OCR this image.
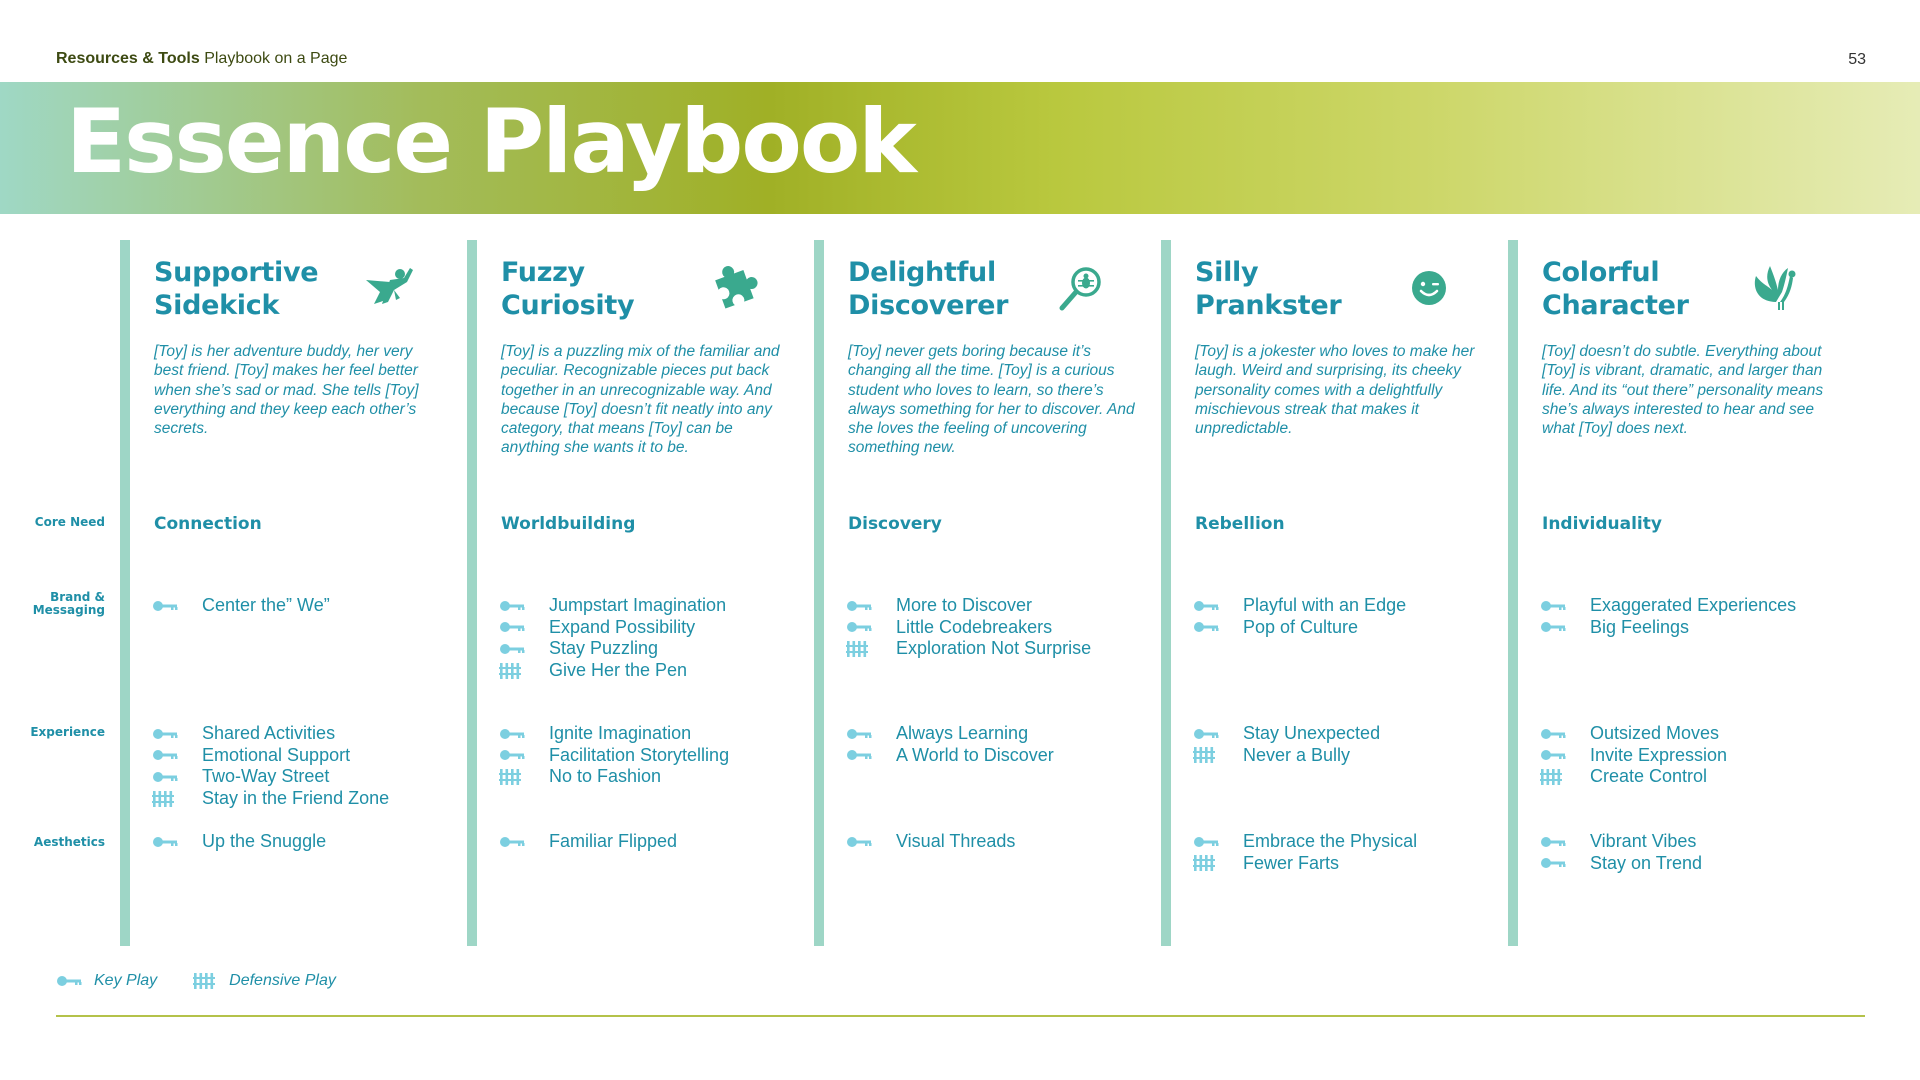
Resources & Tools Playbook on a Page	53
Essence Playbook
Core Need
Brand &
Messaging
Experience
Aesthetics
Supportive
Sidekick
[Toy] is her adventure buddy, her very best friend. [Toy] makes her feel better when she’s sad or mad. She tells [Toy] everything and they keep each other’s secrets.
Connection
Center the” We”
Shared Activities
Emotional Support
Two-Way Street
Stay in the Friend Zone
Up the Snuggle
Fuzzy
Curiosity
[Toy] is a puzzling mix of the familiar and peculiar. Recognizable pieces put back together in an unrecognizable way. And because [Toy] doesn’t fit neatly into any category, that means [Toy] can be anything she wants it to be.
Worldbuilding
Jumpstart Imagination
Expand Possibility
Stay Puzzling
Give Her the Pen
Ignite Imagination
Facilitation Storytelling
No to Fashion
Familiar Flipped
Delightful
Discoverer
[Toy] never gets boring because it’s changing all the time. [Toy] is a curious student who loves to learn, so there’s always something for her to discover. And she loves the feeling of uncovering something new.
Discovery
More to Discover
Little Codebreakers
Exploration Not Surprise
Always Learning
A World to Discover
Visual Threads
Silly
Prankster
[Toy] is a jokester who loves to make her laugh. Weird and surprising, its cheeky personality comes with a delightfully mischievous streak that makes it unpredictable.
Rebellion
Playful with an Edge
Pop of Culture
Stay Unexpected
Never a Bully
Embrace the Physical
Fewer Farts
Colorful
Character
[Toy] doesn’t do subtle. Everything about [Toy] is vibrant, dramatic, and larger than life. And its “out there” personality means she’s always interested to hear and see what [Toy] does next.
Individuality
Exaggerated Experiences
Big Feelings
Outsized Moves
Invite Expression
Create Control
Vibrant Vibes
Stay on Trend
Key Play	Defensive Play
